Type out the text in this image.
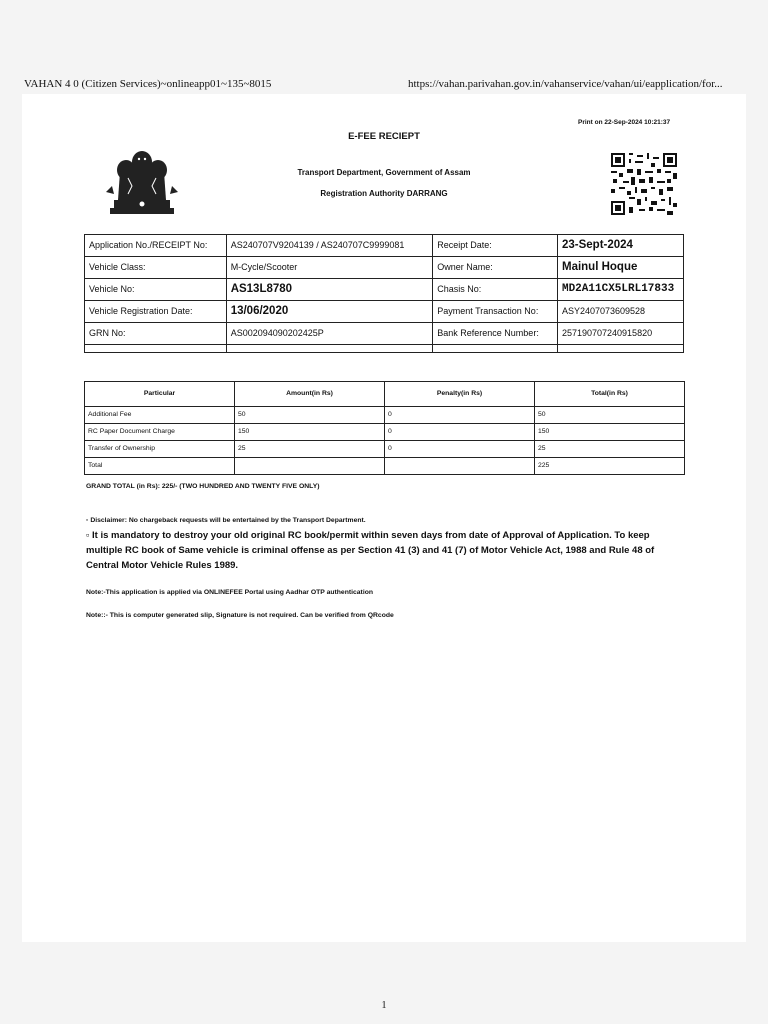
VAHAN 4 0 (Citizen Services)~onlineapp01~135~8015	https://vahan.parivahan.gov.in/vahanservice/vahan/ui/eapplication/for...
Print on 22-Sep-2024 10:21:37
E-FEE RECIEPT
Transport Department, Government of Assam
Registration Authority DARRANG
Application No./RECEIPT No:	AS240707V9204139 / AS240707C9999081	Receipt Date:	23-Sept-2024
Vehicle Class:	M-Cycle/Scooter	Owner Name:	Mainul Hoque
Vehicle No:	AS13L8780	Chasis No:	MD2A11CX5LRL17833
Vehicle Registration Date:	13/06/2020	Payment Transaction No:	ASY2407073609528
GRN No:	AS002094090202425P	Bank Reference Number:	257190707240915820

Particular	Amount(in Rs)	Penalty(in Rs)	Total(in Rs)
Additional Fee	50	0	50
RC Paper Document Charge	150	0	150
Transfer of Ownership	25	0	25
Total			225
GRAND TOTAL (in Rs): 225/- (TWO HUNDRED AND TWENTY FIVE ONLY)
▫ Disclaimer: No chargeback requests will be entertained by the Transport Department.
▫ It is mandatory to destroy your old original RC book/permit within seven days from date of Approval of Application. To keep multiple RC book of Same vehicle is criminal offense as per Section 41 (3) and 41 (7) of Motor Vehicle Act, 1988 and Rule 48 of Central Motor Vehicle Rules 1989.
Note:-This application is applied via ONLINEFEE Portal using Aadhar OTP authentication
Note::- This is computer generated slip, Signature is not required. Can be verified from QRcode
1
